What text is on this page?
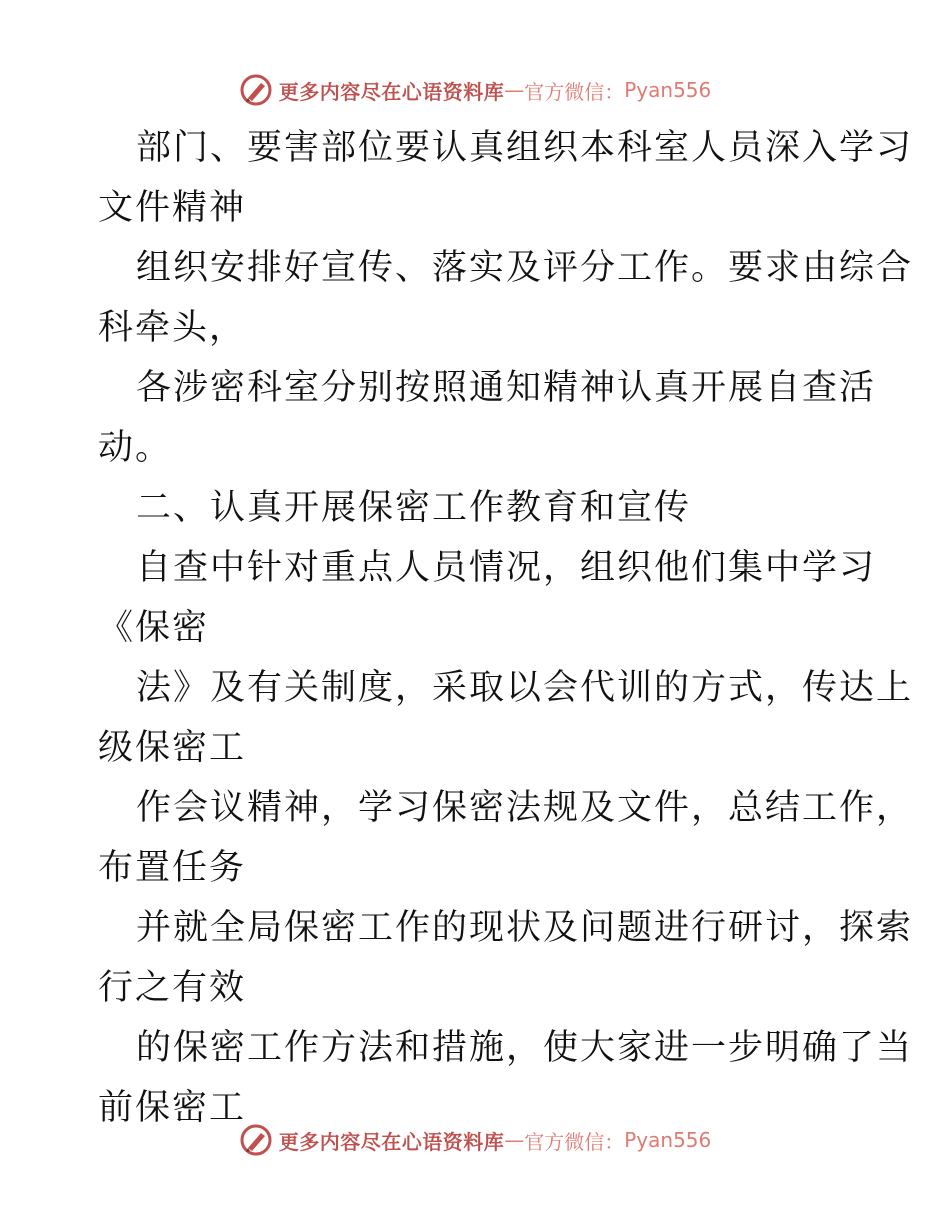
更多内容尽在心语资料库 — 官方微信： Pyan556
部门、要害部位要认真组织本科室人员深入学习
文件精神
组织安排好宣传、落实及评分工作。要求由综合
科牵头，
各涉密科室分别按照通知精神认真开展自查活
动。
二、认真开展保密工作教育和宣传
自查中针对重点人员情况，组织他们集中学习
《保密
法》及有关制度，采取以会代训的方式，传达上
级保密工
作会议精神，学习保密法规及文件，总结工作，
布置任务
并就全局保密工作的现状及问题进行研讨，探索
行之有效
的保密工作方法和措施，使大家进一步明确了当
前保密工
更多内容尽在心语资料库 — 官方微信： Pyan556
